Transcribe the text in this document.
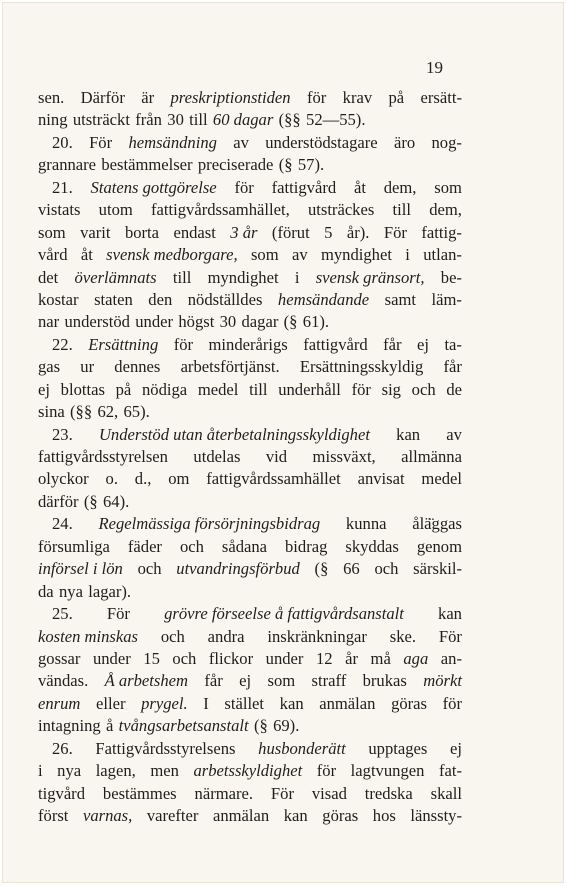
19
sen. Därför är preskriptionstiden för krav på ersätt-
ning utsträckt från 30 till 60 dagar (§§ 52—55).
20. För hemsändning av understödstagare äro nog-
grannare bestämmelser preciserade (§ 57).
21. Statens gottgörelse för fattigvård åt dem, som
vistats utom fattigvårdssamhället, utsträckes till dem,
som varit borta endast 3 år (förut 5 år). För fattig-
vård åt svensk medborgare, som av myndighet i utlan-
det överlämnats till myndighet i svensk gränsort, be-
kostar staten den nödställdes hemsändande samt läm-
nar understöd under högst 30 dagar (§ 61).
22. Ersättning för minderårigs fattigvård får ej ta-
gas ur dennes arbetsförtjänst. Ersättningsskyldig får
ej blottas på nödiga medel till underhåll för sig och de
sina (§§ 62, 65).
23. Understöd utan återbetalningsskyldighet kan av
fattigvårdsstyrelsen utdelas vid missväxt, allmänna
olyckor o. d., om fattigvårdssamhället anvisat medel
därför (§ 64).
24. Regelmässiga försörjningsbidrag kunna ålä̈ggas
försumliga fäder och sådana bidrag skyddas genom
införsel i lön och utvandringsförbud (§ 66 och särskil-
da nya lagar).
25. För grövre förseelse å fattigvårdsanstalt kan
kosten minskas och andra inskränkningar ske. För
gossar under 15 och flickor under 12 år må aga an-
vändas. Å arbetshem får ej som straff brukas mörkt
enrum eller prygel. I stället kan anmälan göras för
intagning å tvångsarbetsanstalt (§ 69).
26. Fattigvårdsstyrelsens husbonderätt upptages ej
i nya lagen, men arbetsskyldighet för lagtvungen fat-
tigvård bestämmes närmare. För visad tredska skall
först varnas, varefter anmälan kan göras hos länssty-
